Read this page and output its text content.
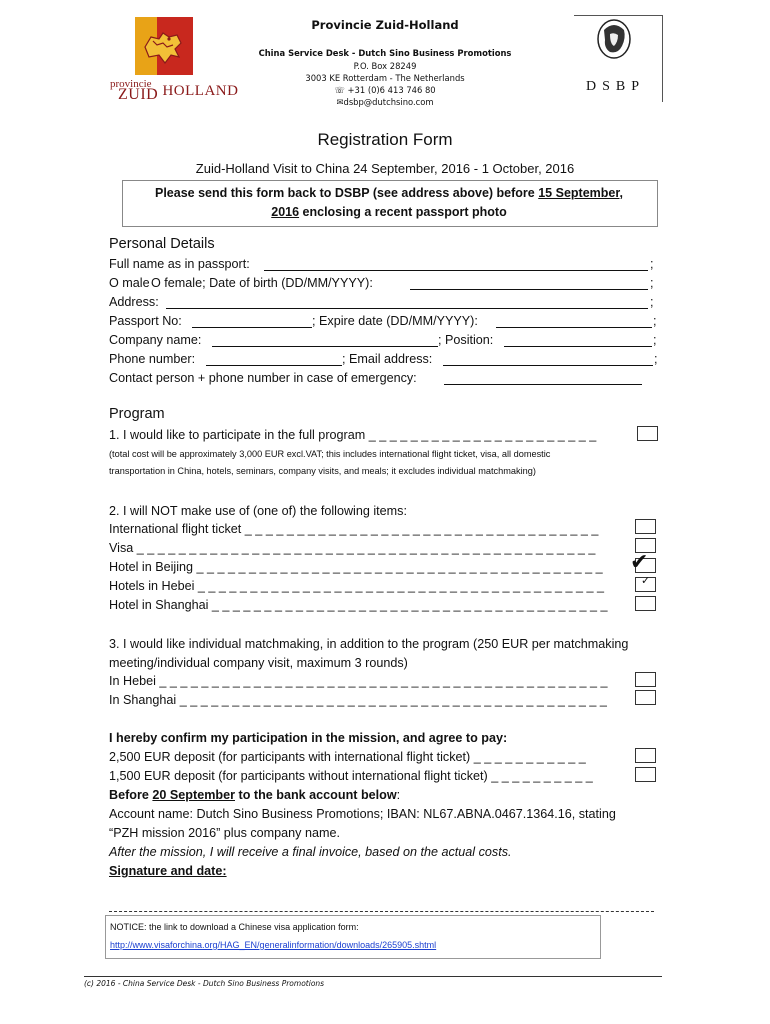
provincie
ZUID HOLLAND
Provincie Zuid-Holland
China Service Desk - Dutch Sino Business Promotions
P.O. Box 28249
3003 KE Rotterdam - The Netherlands
☏ +31 (0)6 413 746 80
✉dsbp@dutchsino.com
DSBP
Registration Form
Zuid-Holland Visit to China 24 September, 2016 - 1 October, 2016
Please send this form back to DSBP (see address above) before 15 September,
2016 enclosing a recent passport photo
Personal Details
Full name as in passport:	;
O male O female; Date of birth (DD/MM/YYYY):	;
Address:	;
Passport No:	; Expire date (DD/MM/YYYY):	;
Company name:	; Position:	;
Phone number:	; Email address:	;
Contact person + phone number in case of emergency:
Program
1. I would like to participate in the full program _ _ _ _ _ _ _ _ _ _ _ _ _ _ _ _ _ _ _ _ _ _
(total cost will be approximately 3,000 EUR excl.VAT; this includes international flight ticket, visa, all domestic
transportation in China, hotels, seminars, company visits, and meals; it excludes individual matchmaking)
2. I will NOT make use of (one of) the following items:
International flight ticket _ _ _ _ _ _ _ _ _ _ _ _ _ _ _ _ _ _ _ _ _ _ _ _ _ _ _ _ _ _ _ _ _ _
Visa _ _ _ _ _ _ _ _ _ _ _ _ _ _ _ _ _ _ _ _ _ _ _ _ _ _ _ _ _ _ _ _ _ _ _ _ _ _ _ _ _ _ _ _
Hotel in Beijing _ _ _ _ _ _ _ _ _ _ _ _ _ _ _ _ _ _ _ _ _ _ _ _ _ _ _ _ _ _ _ _ _ _ _ _ _ _ _ ✔
Hotels in Hebei _ _ _ _ _ _ _ _ _ _ _ _ _ _ _ _ _ _ _ _ _ _ _ _ _ _ _ _ _ _ _ _ _ _ _ _ _ _ _	✓
Hotel in Shanghai _ _ _ _ _ _ _ _ _ _ _ _ _ _ _ _ _ _ _ _ _ _ _ _ _ _ _ _ _ _ _ _ _ _ _ _ _ _
3. I would like individual matchmaking, in addition to the program (250 EUR per matchmaking
meeting/individual company visit, maximum 3 rounds)
In Hebei _ _ _ _ _ _ _ _ _ _ _ _ _ _ _ _ _ _ _ _ _ _ _ _ _ _ _ _ _ _ _ _ _ _ _ _ _ _ _ _ _ _ _
In Shanghai _ _ _ _ _ _ _ _ _ _ _ _ _ _ _ _ _ _ _ _ _ _ _ _ _ _ _ _ _ _ _ _ _ _ _ _ _ _ _ _ _
I hereby confirm my participation in the mission, and agree to pay:
2,500 EUR deposit (for participants with international flight ticket) _ _ _ _ _ _ _ _ _ _ _
1,500 EUR deposit (for participants without international flight ticket) _ _ _ _ _ _ _ _ _ _
Before 20 September to the bank account below:
Account name: Dutch Sino Business Promotions; IBAN: NL67.ABNA.0467.1364.16, stating
“PZH mission 2016” plus company name.
After the mission, I will receive a final invoice, based on the actual costs.
Signature and date:
NOTICE: the link to download a Chinese visa application form:
http://www.visaforchina.org/HAG_EN/generalinformation/downloads/265905.shtml
(c) 2016 - China Service Desk - Dutch Sino Business Promotions
